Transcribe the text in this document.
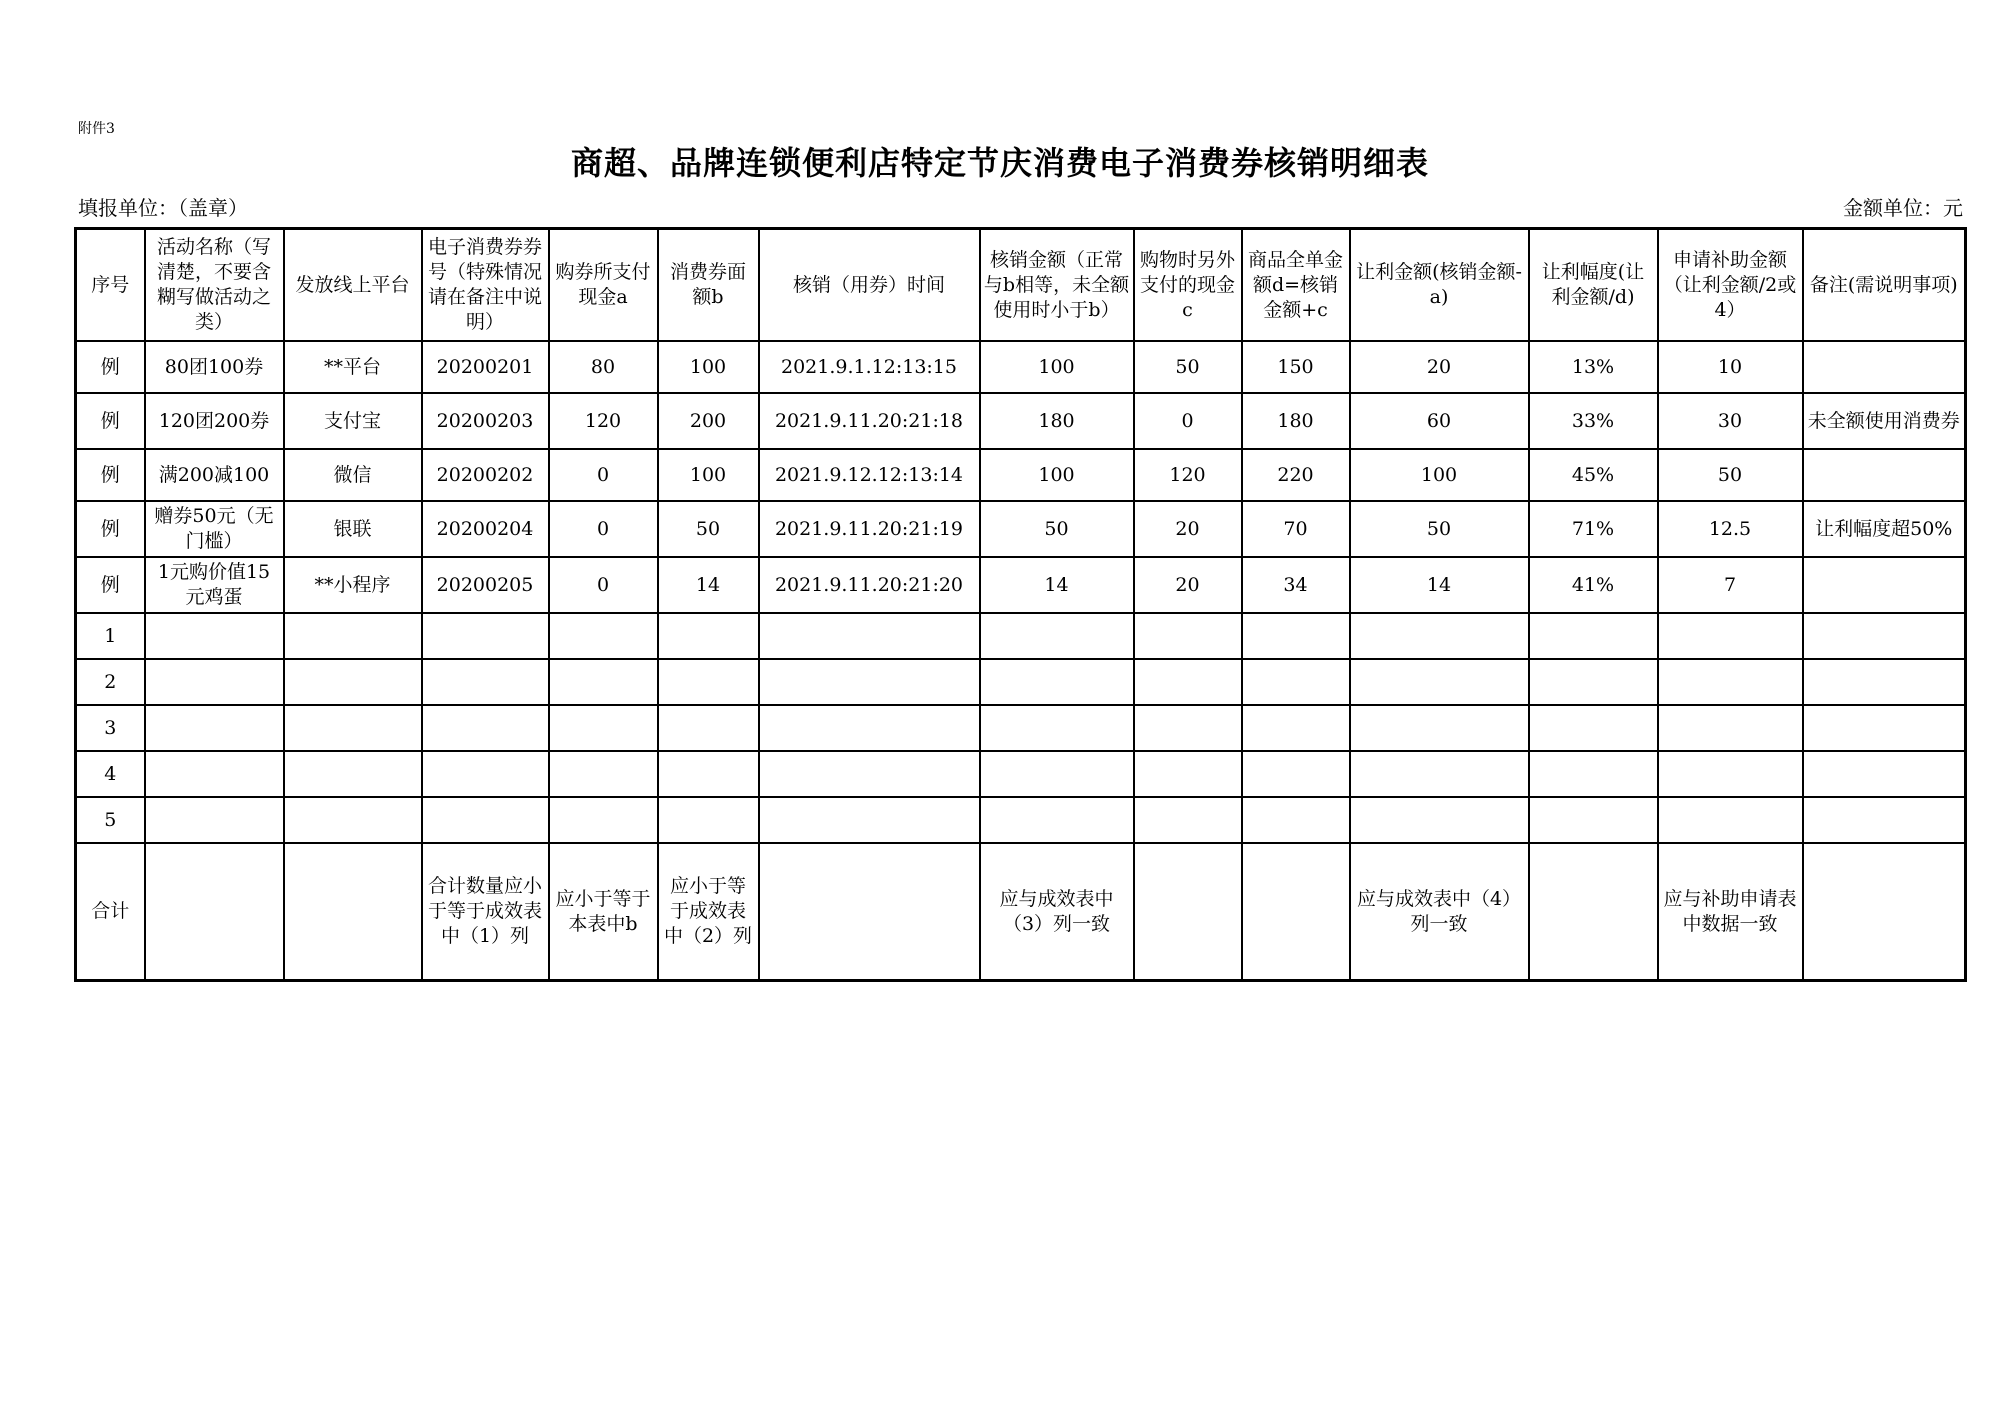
附件3
商超、品牌连锁便利店特定节庆消费电子消费券核销明细表
填报单位：（盖章）	金额单位：元
序号	活动名称（写清楚，不要含糊写做活动之类）	发放线上平台	电子消费券券号（特殊情况请在备注中说明）	购券所支付现金a	消费券面额b	核销（用券）时间	核销金额（正常与b相等，未全额使用时小于b）	购物时另外支付的现金c	商品全单金额d=核销金额+c	让利金额(核销金额-a)	让利幅度(让利金额/d)	申请补助金额（让利金额/2或4）	备注(需说明事项)
例	80团100券	**平台	20200201	80	100	2021.9.1.12:13:15	100	50	150	20	13%	10	
例	120团200券	支付宝	20200203	120	200	2021.9.11.20:21:18	180	0	180	60	33%	30	未全额使用消费券
例	满200减100	微信	20200202	0	100	2021.9.12.12:13:14	100	120	220	100	45%	50	
例	赠券50元（无门槛）	银联	20200204	0	50	2021.9.11.20:21:19	50	20	70	50	71%	12.5	让利幅度超50%
例	1元购价值15元鸡蛋	**小程序	20200205	0	14	2021.9.11.20:21:20	14	20	34	14	41%	7	
1													
2													
3													
4													
5													
合计			合计数量应小于等于成效表中（1）列	应小于等于本表中b	应小于等于成效表中（2）列		应与成效表中（3）列一致			应与成效表中（4）列一致		应与补助申请表中数据一致	
